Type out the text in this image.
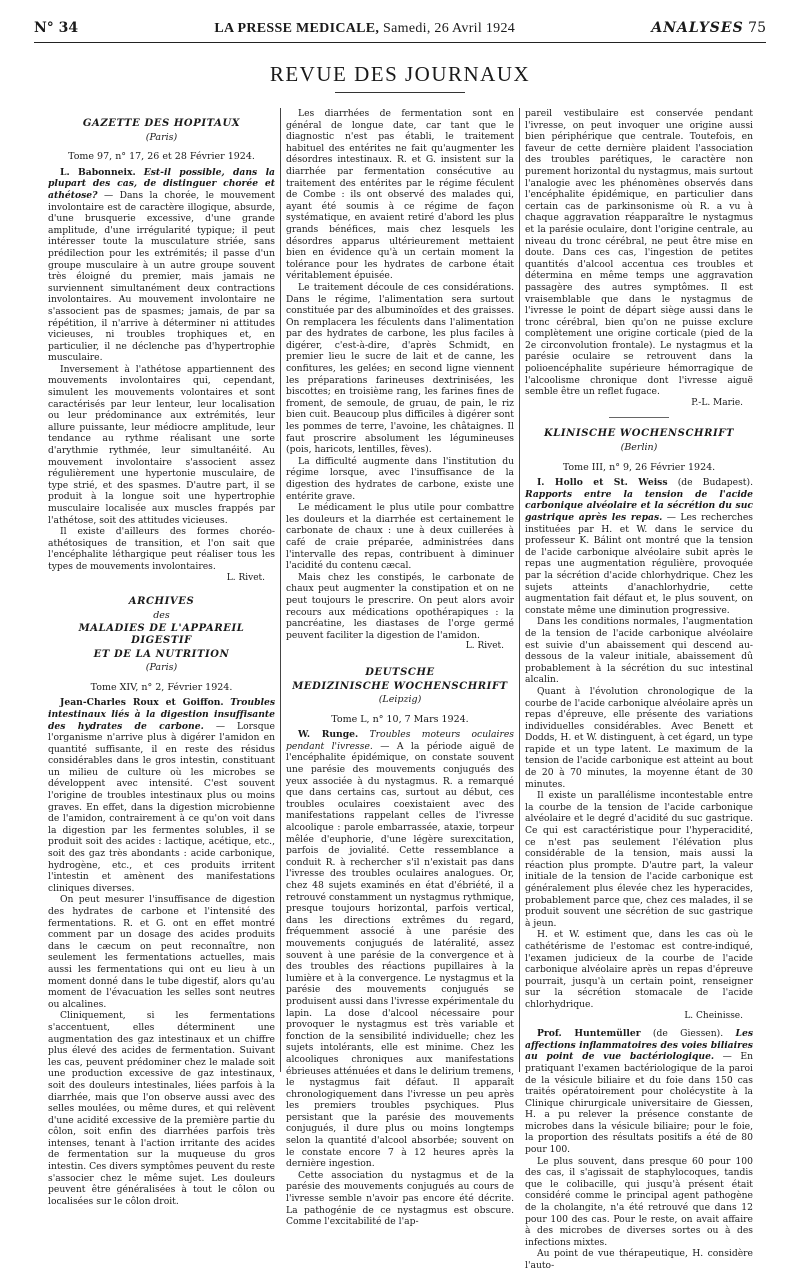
N° 34	LA PRESSE MEDICALE, Samedi, 26 Avril 1924	ANALYSES 75
REVUE DES JOURNAUX
GAZETTE DES HOPITAUX
(Paris)
Tome 97, n° 17, 26 et 28 Février 1924.

L. Babonneix. Est-il possible, dans la plupart des cas, de distinguer chorée et athétose? — Dans la chorée, le mouvement involontaire est de caractère illogique, absurde, d'une brusquerie excessive, d'une grande amplitude, d'une irrégularité typique; il peut intéresser toute la musculature striée, sans prédilection pour les extrémités; il passe d'un groupe musculaire à un autre groupe souvent très éloigné du premier, mais jamais ne surviennent simultanément deux contractions involontaires. Au mouvement involontaire ne s'associent pas de spasmes; jamais, de par sa répétition, il n'arrive à déterminer ni attitudes vicieuses, ni troubles trophiques et, en particulier, il ne déclenche pas d'hypertrophie musculaire.

Inversement à l'athétose appartiennent des mouvements involontaires qui, cependant, simulent les mouvements volontaires et sont caractérisés par leur lenteur, leur localisation ou leur prédominance aux extrémités, leur allure puissante, leur médiocre amplitude, leur tendance au rythme réalisant une sorte d'arythmie rythmée, leur simultanéité. Au mouvement involontaire s'associent assez régulièrement une hypertonie musculaire, de type strié, et des spasmes. D'autre part, il se produit à la longue soit une hypertrophie musculaire localisée aux muscles frappés par l'athétose, soit des attitudes vicieuses.

Il existe d'ailleurs des formes choréo-athétosiques de transition, et l'on sait que l'encéphalite léthargique peut réaliser tous les types de mouvements involontaires.

L. Rivet.
ARCHIVES
des
MALADIES DE L'APPAREIL DIGESTIF
ET DE LA NUTRITION
(Paris)
Tome XIV, n° 2, Février 1924.

Jean-Charles Roux et Goiffon. Troubles intestinaux liés à la digestion insuffisante des hydrates de carbone. — Lorsque l'organisme n'arrive plus à digérer l'amidon en quantité suffisante, il en reste des résidus considérables dans le gros intestin, constituant un milieu de culture où les microbes se développent avec intensité. C'est souvent l'origine de troubles intestinaux plus ou moins graves. En effet, dans la digestion microbienne de l'amidon, contrairement à ce qu'on voit dans la digestion par les fermentes solubles, il se produit soit des acides : lactique, acétique, etc., soit des gaz très abondants : acide carbonique, hydrogène, etc., et ces produits irritent l'intestin et amènent des manifestations cliniques diverses.

On peut mesurer l'insuffisance de digestion des hydrates de carbone et l'intensité des fermentations. R. et G. ont en effet montré comment par un dosage des acides produits dans le cæcum on peut reconnaître, non seulement les fermentations actuelles, mais aussi les fermentations qui ont eu lieu à un moment donné dans le tube digestif, alors qu'au moment de l'évacuation les selles sont neutres ou alcalines.

Cliniquement, si les fermentations s'accentuent, elles déterminent une augmentation des gaz intestinaux et un chiffre plus élevé des acides de fermentation. Suivant les cas, peuvent prédominer chez le malade soit une production excessive de gaz intestinaux, soit des douleurs intestinales, liées parfois à la diarrhée, mais que l'on observe aussi avec des selles moulées, ou même dures, et qui relèvent d'une acidité excessive de la première partie du côlon, soit enfin des diarrhées parfois très intenses, tenant à l'action irritante des acides de fermentation sur la muqueuse du gros intestin. Ces divers symptômes peuvent du reste s'associer chez le même sujet. Les douleurs peuvent être généralisées à tout le côlon ou localisées sur le côlon droit.

Les diarrhées de fermentation sont en général de longue date, car tant que le diagnostic n'est pas établi, le traitement habituel des entérites ne fait qu'augmenter les désordres intestinaux. R. et G. insistent sur la diarrhée par fermentation consécutive au traitement des entérites par le régime féculent de Combe : ils ont observé des malades qui, ayant été soumis à ce régime de façon systématique, en avaient retiré d'abord les plus grands bénéfices, mais chez lesquels les désordres apparus ultérieurement mettaient bien en évidence qu'à un certain moment la tolérance pour les hydrates de carbone était véritablement épuisée.

Le traitement découle de ces considérations. Dans le régime, l'alimentation sera surtout constituée par des albuminoïdes et des graisses. On remplacera les féculents dans l'alimentation par des hydrates de carbone, les plus faciles à digérer, c'est-à-dire, d'après Schmidt, en premier lieu le sucre de lait et de canne, les confitures, les gelées; en second ligne viennent les préparations farineuses dextrinisées, les biscottes; en troisième rang, les farines fines de froment, de semoule, de gruau, de pain, le riz bien cuit. Beaucoup plus difficiles à digérer sont les pommes de terre, l'avoine, les châtaignes. Il faut proscrire absolument les légumineuses (pois, haricots, lentilles, fèves).

La difficulté augmente dans l'institution du régime lorsque, avec l'insuffisance de la digestion des hydrates de carbone, existe une entérite grave.

Le médicament le plus utile pour combattre les douleurs et la diarrhée est certainement le carbonate de chaux : une à deux cuillerées à café de craie préparée, administrées dans l'intervalle des repas, contribuent à diminuer l'acidité du contenu cæcal.

Mais chez les constipés, le carbonate de chaux peut augmenter la constipation et on ne peut toujours le prescrire. On peut alors avoir recours aux médications opothérapiques : la pancréatine, les diastases de l'orge germé peuvent faciliter la digestion de l'amidon.

L. Rivet.
DEUTSCHE
MEDIZINISCHE WOCHENSCHRIFT
(Leipzig)
Tome L, n° 10, 7 Mars 1924.

W. Runge. Troubles moteurs oculaires pendant l'ivresse. — A la période aiguë de l'encéphalite épidémique, on constate souvent une parésie des mouvements conjugués des yeux associée à du nystagmus. R. a remarqué que dans certains cas, surtout au début, ces troubles oculaires coexistaient avec des manifestations rappelant celles de l'ivresse alcoolique : parole embarrassée, ataxie, torpeur mêlée d'euphorie, d'une légère surexcitation, parfois de jovialité. Cette ressemblance a conduit R. à rechercher s'il n'existait pas dans l'ivresse des troubles oculaires analogues. Or, chez 48 sujets examinés en état d'ébriété, il a retrouvé constamment un nystagmus rythmique, presque toujours horizontal, parfois vertical, dans les directions extrêmes du regard, fréquemment associé à une parésie des mouvements conjugués de latéralité, assez souvent à une parésie de la convergence et à des troubles des réactions pupillaires à la lumière et à la convergence. Le nystagmus et la parésie des mouvements conjugués se produisent aussi dans l'ivresse expérimentale du lapin. La dose d'alcool nécessaire pour provoquer le nystagmus est très variable et fonction de la sensibilité individuelle; chez les sujets intolérants, elle est minime. Chez les alcooliques chroniques aux manifestations ébrieuses atténuées et dans le delirium tremens, le nystagmus fait défaut. Il apparaît chronologiquement dans l'ivresse un peu après les premiers troubles psychiques. Plus persistant que la parésie des mouvements conjugués, il dure plus ou moins longtemps selon la quantité d'alcool absorbée; souvent on le constate encore 7 à 12 heures après la dernière ingestion.

Cette association du nystagmus et de la parésie des mouvements conjugués au cours de l'ivresse semble n'avoir pas encore été décrite. La pathogénie de ce nystagmus est obscure. Comme l'excitabilité de l'ap-

pareil vestibulaire est conservée pendant l'ivresse, on peut invoquer une origine aussi bien périphérique que centrale. Toutefois, en faveur de cette dernière plaident l'association des troubles parétiques, le caractère non purement horizontal du nystagmus, mais surtout l'analogie avec les phénomènes observés dans l'encéphalite épidémique, en particulier dans certain cas de parkinsonisme où R. a vu à chaque aggravation réapparaître le nystagmus et la parésie oculaire, dont l'origine centrale, au niveau du tronc cérébral, ne peut être mise en doute. Dans ces cas, l'ingestion de petites quantités d'alcool accentua ces troubles et détermina en même temps une aggravation passagère des autres symptômes. Il est vraisemblable que dans le nystagmus de l'ivresse le point de départ siège aussi dans le tronc cérébral, bien qu'on ne puisse exclure complètement une origine corticale (pied de la 2e circonvolution frontale). Le nystagmus et la parésie oculaire se retrouvent dans la polioencéphalite supérieure hémorragique de l'alcoolisme chronique dont l'ivresse aiguë semble être un reflet fugace.

P.-L. Marie.
KLINISCHE WOCHENSCHRIFT
(Berlin)
Tome III, n° 9, 26 Février 1924.

I. Hollo et St. Weiss (de Budapest). Rapports entre la tension de l'acide carbonique alvéolaire et la sécrétion du suc gastrique après les repas. — Les recherches instituées par H. et W. dans le service du professeur K. Bálint ont montré que la tension de l'acide carbonique alvéolaire subit après le repas une augmentation régulière, provoquée par la sécrétion d'acide chlorhydrique. Chez les sujets atteints d'anachlorhydrie, cette augmentation fait défaut et, le plus souvent, on constate même une diminution progressive.

Dans les conditions normales, l'augmentation de la tension de l'acide carbonique alvéolaire est suivie d'un abaissement qui descend au-dessous de la valeur initiale, abaissement dû probablement à la sécrétion du suc intestinal alcalin.

Quant à l'évolution chronologique de la courbe de l'acide carbonique alvéolaire après un repas d'épreuve, elle présente des variations individuelles considérables. Avec Benett et Dodds, H. et W. distinguent, à cet égard, un type rapide et un type latent. Le maximum de la tension de l'acide carbonique est atteint au bout de 20 à 70 minutes, la moyenne étant de 30 minutes.

Il existe un parallélisme incontestable entre la courbe de la tension de l'acide carbonique alvéolaire et le degré d'acidité du suc gastrique. Ce qui est caractéristique pour l'hyperacidité, ce n'est pas seulement l'élévation plus considérable de la tension, mais aussi la réaction plus prompte. D'autre part, la valeur initiale de la tension de l'acide carbonique est généralement plus élevée chez les hyperacides, probablement parce que, chez ces malades, il se produit souvent une sécrétion de suc gastrique à jeun.

H. et W. estiment que, dans les cas où le cathétérisme de l'estomac est contre-indiqué, l'examen judicieux de la courbe de l'acide carbonique alvéolaire après un repas d'épreuve pourrait, jusqu'à un certain point, renseigner sur la sécrétion stomacale de l'acide chlorhydrique.

L. Cheinisse.

Prof. Huntemüller (de Giessen). Les affections inflammatoires des voies biliaires au point de vue bactériologique. — En pratiquant l'examen bactériologique de la paroi de la vésicule biliaire et du foie dans 150 cas traités opératoirement pour cholécystite à la Clinique chirurgicale universitaire de Giessen, H. a pu relever la présence constante de microbes dans la vésicule biliaire; pour le foie, la proportion des résultats positifs a été de 80 pour 100.

Le plus souvent, dans presque 60 pour 100 des cas, il s'agissait de staphylocoques, tandis que le colibacille, qui jusqu'à présent était considéré comme le principal agent pathogène de la cholangite, n'a été retrouvé que dans 12 pour 100 des cas. Pour le reste, on avait affaire à des microbes de diverses sortes ou à des infections mixtes.

Au point de vue thérapeutique, H. considère l'auto-
